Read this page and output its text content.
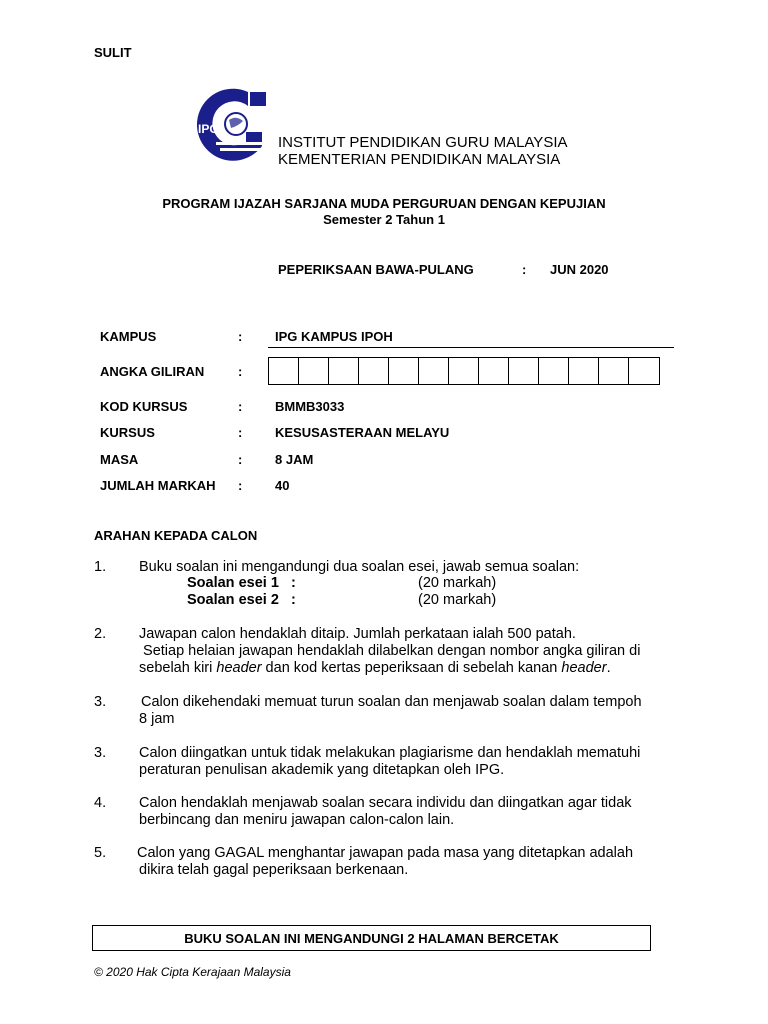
SULIT
IPG
INSTITUT PENDIDIKAN GURU MALAYSIA
KEMENTERIAN PENDIDIKAN MALAYSIA
PROGRAM IJAZAH SARJANA MUDA PERGURUAN DENGAN KEPUJIAN
Semester 2 Tahun 1
PEPERIKSAAN BAWA-PULANG	: JUN 2020
KAMPUS	:	IPG KAMPUS IPOH
ANGKA GILIRAN	:
KOD KURSUS	:	BMMB3033
KURSUS	:	KESUSASTERAAN MELAYU
MASA	:	8 JAM
JUMLAH MARKAH :	40
ARAHAN KEPADA CALON
1. Buku soalan ini mengandungi dua soalan esei, jawab semua soalan:
Soalan esei 1   :	(20 markah)
Soalan esei 2   :	(20 markah)
2. Jawapan calon hendaklah ditaip. Jumlah perkataan ialah 500 patah.
Setiap helaian jawapan hendaklah dilabelkan dengan nombor angka giliran di
sebelah kiri header dan kod kertas peperiksaan di sebelah kanan header.
3. Calon dikehendaki memuat turun soalan dan menjawab soalan dalam tempoh
8 jam
3. Calon diingatkan untuk tidak melakukan plagiarisme dan hendaklah mematuhi
peraturan penulisan akademik yang ditetapkan oleh IPG.
4. Calon hendaklah menjawab soalan secara individu dan diingatkan agar tidak
berbincang dan meniru jawapan calon-calon lain.
5. Calon yang GAGAL menghantar jawapan pada masa yang ditetapkan adalah
dikira telah gagal peperiksaan berkenaan.
BUKU SOALAN INI MENGANDUNGI 2 HALAMAN BERCETAK
© 2020 Hak Cipta Kerajaan Malaysia
